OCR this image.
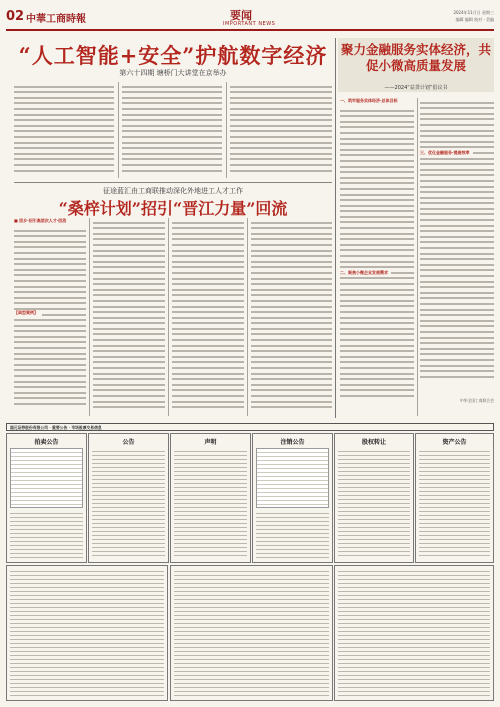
02 中華工商時報	要闻
IMPORTANT NEWS
2024年11月日 星期三
编辑 编辑 校对 · 美编
“人工智能+安全”护航数字经济
第六十四期 塘桥门大讲堂在京举办
征途蓝汇由工商联推动深化外地进工人才工作
“桑梓计划”招引“晋江力量”回流
■ 回乡·招引高层次人才·回流
【典型案例】
聚力金融服务实体经济，共促小微高质量发展
——2024“益贷计划”倡议书
一、筑牢服务实体经济·总体目标
二、聚焦小微企业发展需求
三、优化金融服务·提高效率
中华全国工商联合会
国元证券股份有限公司 · 重要公告 · 市场股票交易信息
拍卖公告	公告	声明	注销公告	股权转让	资产公告
